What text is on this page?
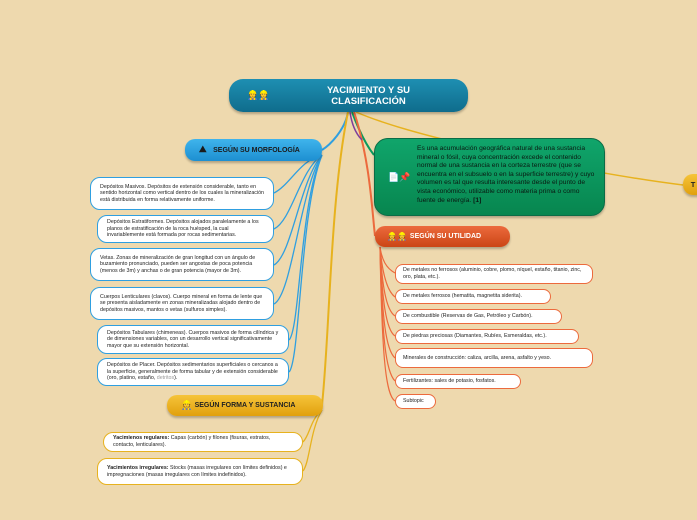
👷👷	YACIMIENTO Y SU CLASIFICACIÓN
📄📌
Es una acumulación geográfica natural de una sustancia mineral o fósil, cuya concentración excede el contenido normal de una sustancia en la corteza terrestre (que se encuentra en el subsuelo o en la superficie terrestre) y cuyo volumen es tal que resulta interesante desde el punto de vista económico, utilizable como materia prima o como fuente de energía. [1]
T
⛰ SEGÚN SU MORFOLOGÍA
Depósitos Masivos. Depósitos de extensión considerable, tanto en sentido horizontal como vertical dentro de los cuales la mineralización está distribuida en forma relativamente uniforme.
Depósitos Estratiformes. Depósitos alojados paralelamente a los planos de estratificación de la roca huésped, la cual invariablemente está formada por rocas sedimentarias.
Vetas. Zonas de mineralización de gran longitud con un ángulo de buzamiento pronunciado, pueden ser angostas de poca potencia (menos de 3m) y anchas o de gran potencia (mayor de 3m).
Cuerpos Lenticulares (clavos). Cuerpo mineral en forma de lente que se presenta aisladamente en zonas mineralizadas alojado dentro de depósitos masivos, mantos o vetas (sulfuros simples).
Depósitos Tabulares (chimeneas). Cuerpos masivos de forma cilíndrica y de dimensiones variables, con un desarrollo vertical significativamente mayor que su extensión horizontal.
Depósitos de Placer. Depósitos sedimentarios superficiales o cercanos a la superficie, generalmente de forma tabular y de extensión considerable (oro, platino, estaño, detritos).
👷 SEGÚN FORMA Y SUSTANCIA
Yacimienos regulares: Capas (carbón) y filones (fisuras, estratos, contacto, lenticulares).
Yacimientos irregulares: Stocks (masas irregulares con límites definidos) e impregnaciones (masas irregulares con límites indefinidos).
👷👷 SEGÚN SU UTILIDAD
De metales no ferrosos (aluminio, cobre, plomo, níquel, estaño, titanio, zinc, oro, plata, etc.).
De metales ferrosos (hematita, magnetita siderita).
De combustible (Reservas de Gas, Petróleo y Carbón).
De piedras preciosas (Diamantes, Rubíes, Esmeraldas, etc.).
Minerales de construcción: caliza, arcilla, arena, asfalto y yeso.
Fertilizantes: sales de potasio, fosfatos.
Subtopic
